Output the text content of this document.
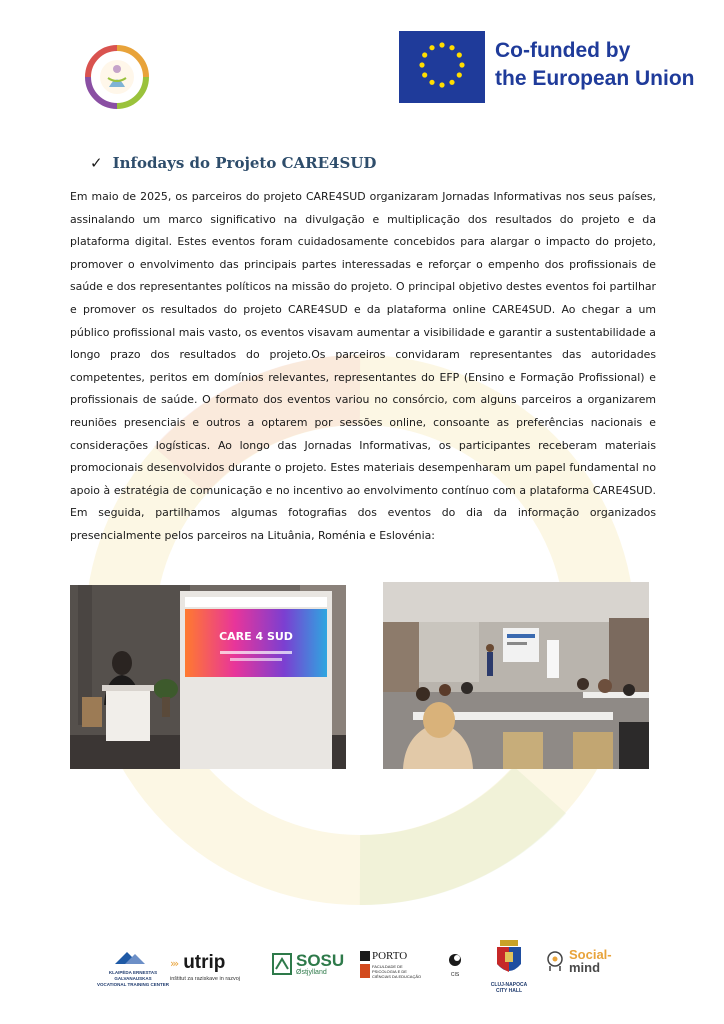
Co-funded by
the European Union
✓ Infodays do Projeto CARE4SUD

Em maio de 2025, os parceiros do projeto CARE4SUD organizaram Jornadas Informativas nos seus países, assinalando um marco significativo na divulgação e multiplicação dos resultados do projeto e da plataforma digital. Estes eventos foram cuidadosamente concebidos para alargar o impacto do projeto, promover o envolvimento das principais partes interessadas e reforçar o empenho dos profissionais de saúde e dos representantes políticos na missão do projeto. O principal objetivo destes eventos foi partilhar e promover os resultados do projeto CARE4SUD e da plataforma online CARE4SUD. Ao chegar a um público profissional mais vasto, os eventos visavam aumentar a visibilidade e garantir a sustentabilidade a longo prazo dos resultados do projeto.Os parceiros convidaram representantes das autoridades competentes, peritos em domínios relevantes, representantes do EFP (Ensino e Formação Profissional) e profissionais de saúde. O formato dos eventos variou no consórcio, com alguns parceiros a organizarem reuniões presenciais e outros a optarem por sessões online, consoante as preferências nacionais e considerações logísticas. Ao longo das Jornadas Informativas, os participantes receberam materiais promocionais desenvolvidos durante o projeto. Estes materiais desempenharam um papel fundamental no apoio à estratégia de comunicação e no incentivo ao envolvimento contínuo com a plataforma CARE4SUD. Em seguida, partilhamos algumas fotografias dos eventos do dia da informação organizados presencialmente pelos parceiros na Lituânia, Roménia e Eslovénia:

CARE 4 SUD
KLAIPĖDA ERNESTAS GALVANAUSKAS
VOCATIONAL TRAINING CENTER
››› utrip
inštitut za raziskave in razvoj
SOSU
Østjylland
PORTO
FACULDADE DE PSICOLOGIA E DE CIÊNCIAS DA EDUCAÇÃO	CIS
CLUJ-NAPOCA
CITY HALL
Social-
mind
